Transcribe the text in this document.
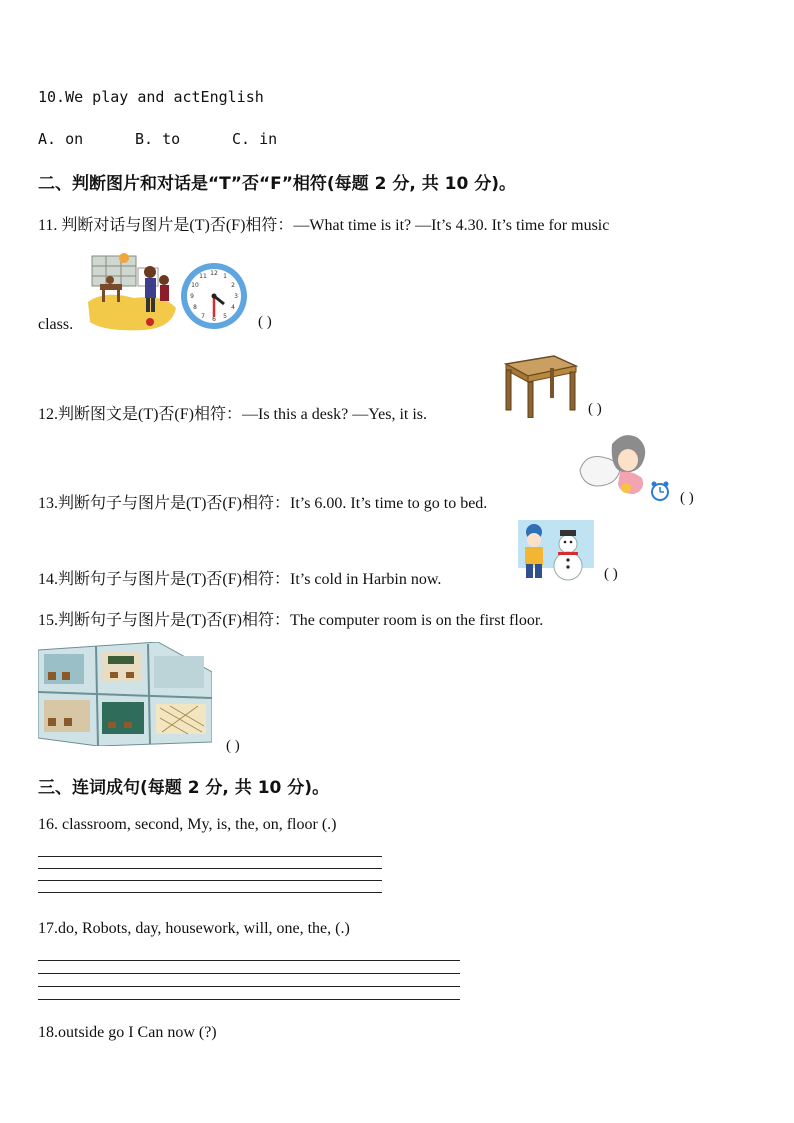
10.We play and actEnglish
A. on	B. to	C. in
二、判断图片和对话是“T”否“F”相符(每题 2 分, 共 10 分)。
11. 判断对话与图片是(T)否(F)相符：—What time is it? —It’s 4.30. It’s time for music
class.	( )
12 1
2
3
4
5
6
7
8
9
10
11
12.判断图文是(T)否(F)相符：—Is this a desk? —Yes, it is.	( )
13.判断句子与图片是(T)否(F)相符：It’s 6.00. It’s time to go to bed.	( )
14.判断句子与图片是(T)否(F)相符：It’s cold in Harbin now.	( )
15.判断句子与图片是(T)否(F)相符：The computer room is on the first floor.
( )
三、连词成句(每题 2 分, 共 10 分)。
16. classroom, second, My, is, the, on, floor (.)
17.do, Robots, day, housework, will, one, the, (.)
18.outside go I Can now (?)
